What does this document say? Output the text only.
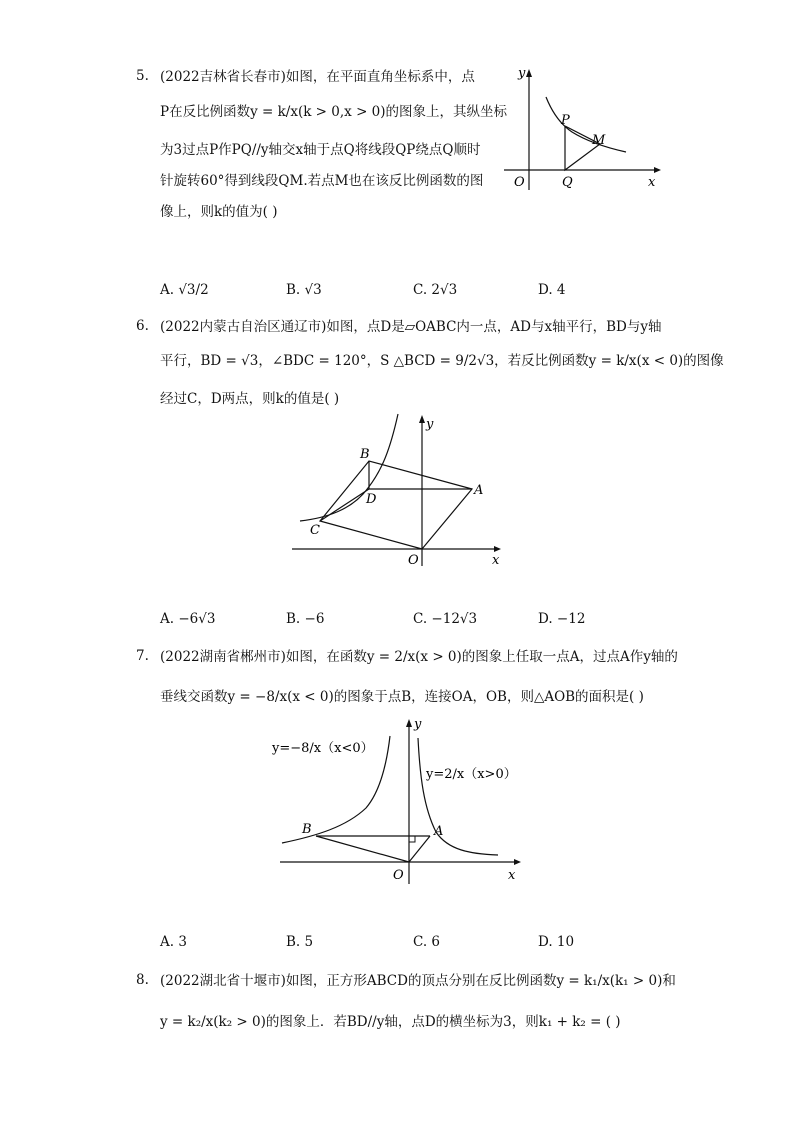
5. (2022吉林省长春市)如图，在平面直角坐标系中，点
P在反比例函数y = k/x(k > 0,x > 0)的图象上，其纵坐标
为3过点P作PQ//y轴交x轴于点Q将线段QP绕点Q顺时
针旋转60°得到线段QM.若点M也在该反比例函数的图
像上，则k的值为( )
y
x
O
P
M
Q
A. √3/2	B. √3	C. 2√3	D. 4
6. (2022内蒙古自治区通辽市)如图，点D是▱OABC内一点，AD与x轴平行，BD与y轴
平行，BD = √3，∠BDC = 120°，S △BCD = 9/2√3，若反比例函数y = k/x(x < 0)的图像
经过C，D两点，则k的值是( )
y
x
O
A
B
C
D
A. −6√3	B. −6	C. −12√3	D. −12
7. (2022湖南省郴州市)如图，在函数y = 2/x(x > 0)的图象上任取一点A，过点A作y轴的
垂线交函数y = −8/x(x < 0)的图象于点B，连接OA，OB，则△AOB的面积是( )
y
x
O
A
B
y=−8/x（x<0）
y=2/x（x>0）
A. 3	B. 5	C. 6	D. 10
8. (2022湖北省十堰市)如图，正方形ABCD的顶点分别在反比例函数y = k₁/x(k₁ > 0)和
y = k₂/x(k₂ > 0)的图象上．若BD//y轴，点D的横坐标为3，则k₁ + k₂ = ( )
